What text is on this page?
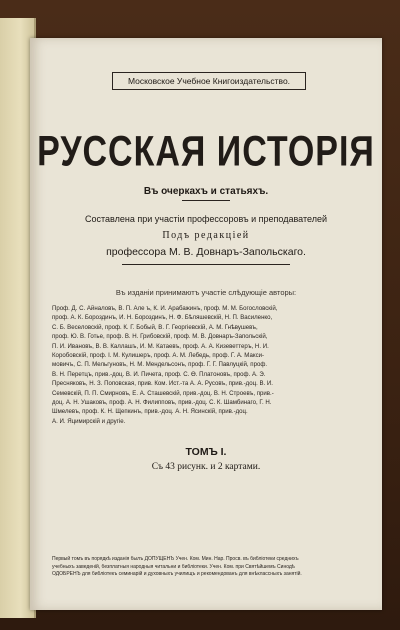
Московское Учебное Книгоиздательство.
РУССКАЯ ИСТОРІЯ
Въ очеркахъ и статьяхъ.
Составлена при участіи профессоровъ и преподавателей
Подъ редакціей
профессора М. В. Довнаръ-Запольскаго.
Въ изданіи принимаютъ участіе слѣдующіе авторы:
Проф. Д. С. Айналовъ, В. П. Але ъ, К. И. Арабажинъ, проф. М. М. Богословскій,
проф. А. К. Бороздинъ, И. Н. Бороздинъ, Н. Ф. Бѣляшевскій, Н. П. Василенко,
С. Б. Веселовскій, проф. К. Г. Бобый, В. Г. Георгіевскій, А. М. Гнѣвушевъ,
проф. Ю. В. Готье, проф. В. Н. Грибовскій, проф. М. В. Довнаръ-Запольскій,
П. И. Ивановъ, В. В. Каллашъ, И. М. Катаевъ, проф. А. А. Кизеветтеръ, Н. И.
Коробовскій, проф. І. М. Кулишеръ, проф. А. М. Лебедь, проф. Г. А. Макси-
мовичъ, С. П. Мельгуновъ, Н. М. Мендельсонъ, проф. Г. Г. Павлуцкій, проф.
В. Н. Перетцъ, прив.-доц. В. И. Пичета, проф. С. Ѳ. Платоновъ, проф. А. Э.
Пресняковъ, Н. З. Поповская, прив. Ком. Ист.-та А. А. Русовъ, прив.-доц. В. И.
Семевскій, П. П. Смирновъ, Е. А. Сташевскій, прив.-доц. В. Н. Строевъ, прив.-
доц. А. Н. Ушаковъ, проф. А. Н. Филипповъ, прив.-доц. С. К. Шамбинаго, Г. Н.
Шмелевъ, проф. К. Н. Щепкинъ, прив.-доц. А. Н. Ясинскій, прив.-доц.
А. И. Яцимирскій и другіе.
ТОМЪ I.
Съ 43 рисунк. и 2 картами.
Первый томъ въ порядкѣ изданія былъ ДОПУЩЕНЪ Учен. Ком. Мин. Нар. Просв. въ библіотеки среднихъ
учебныхъ заведеній, безплатныя народныя читальни и библіотеки. Учен. Ком. при Святѣйшемъ Синодѣ
ОДОБРЕНЪ для библіотекъ семинарій и духовныхъ училищъ и рекомендованъ для внѣклассныхъ занятій.
